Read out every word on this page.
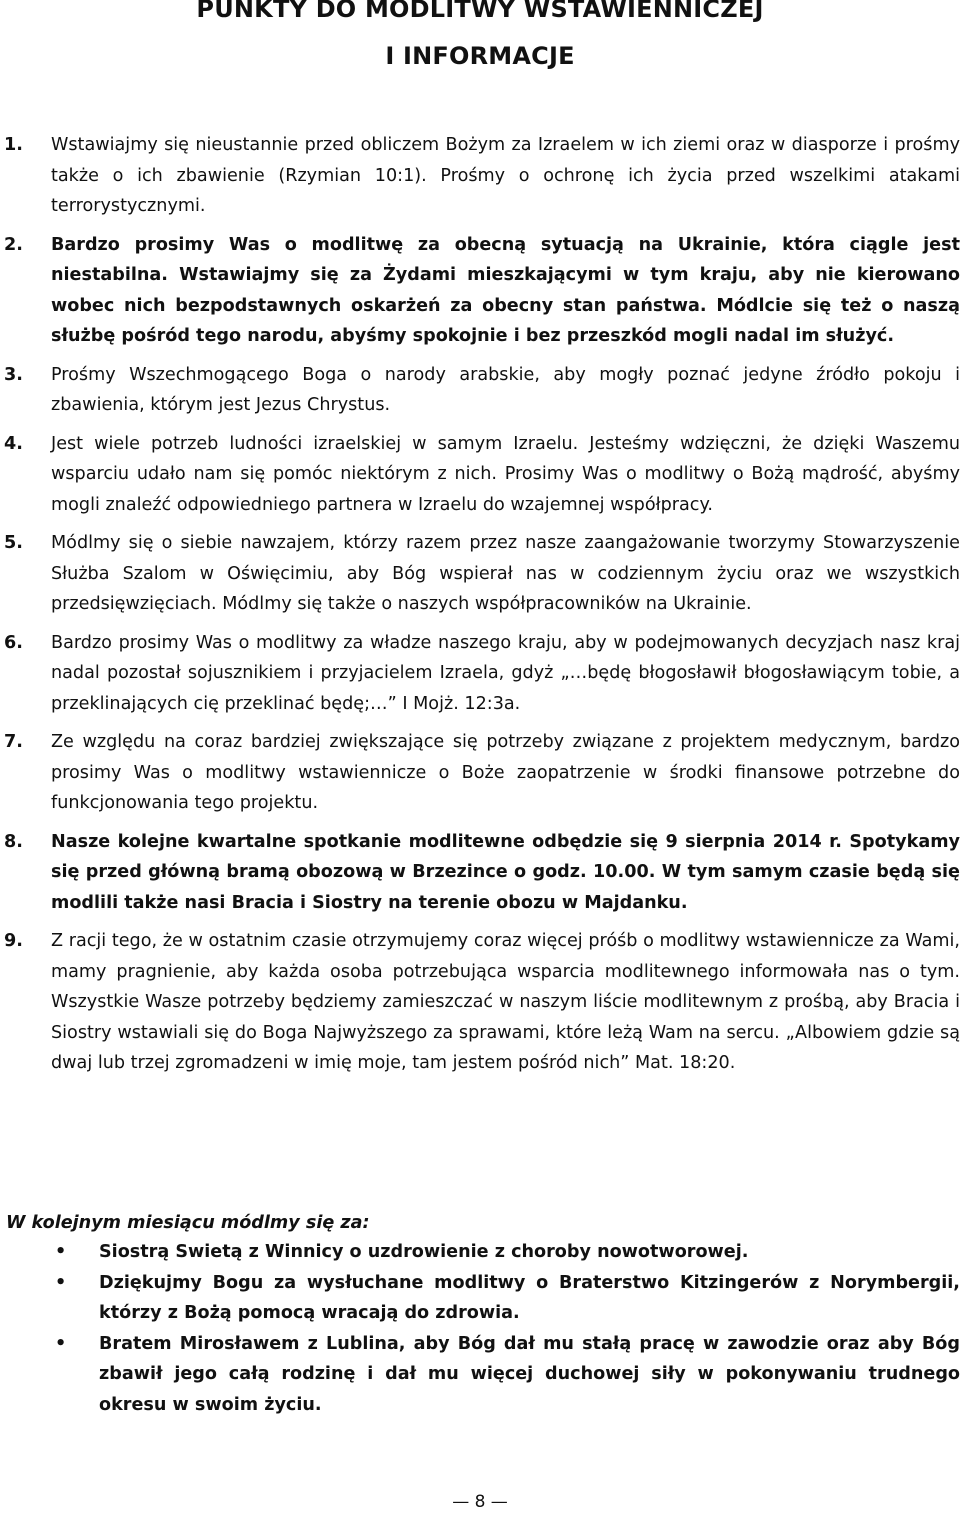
PUNKTY DO MODLITWY WSTAWIENNICZEJ
I INFORMACJE
1. Wstawiajmy się nieustannie przed obliczem Bożym za Izraelem w ich ziemi oraz w diasporze i prośmy także o ich zbawienie (Rzymian 10:1). Prośmy o ochronę ich życia przed wszelkimi atakami terrorystycznymi.
2. Bardzo prosimy Was o modlitwę za obecną sytuacją na Ukrainie, która ciągle jest niestabilna. Wstawiajmy się za Żydami mieszkającymi w tym kraju, aby nie kierowano wobec nich bezpodstawnych oskarżeń za obecny stan państwa. Módlcie się też o naszą służbę pośród tego narodu, abyśmy spokojnie i bez przeszkód mogli nadal im służyć.
3. Prośmy Wszechmogącego Boga o narody arabskie, aby mogły poznać jedyne źródło pokoju i zbawienia, którym jest Jezus Chrystus.
4. Jest wiele potrzeb ludności izraelskiej w samym Izraelu. Jesteśmy wdzięczni, że dzięki Waszemu wsparciu udało nam się pomóc niektórym z nich. Prosimy Was o modlitwy o Bożą mądrość, abyśmy mogli znaleźć odpowiedniego partnera w Izraelu do wzajemnej współpracy.
5. Módlmy się o siebie nawzajem, którzy razem przez nasze zaangażowanie tworzymy Stowarzyszenie Służba Szalom w Oświęcimiu, aby Bóg wspierał nas w codziennym życiu oraz we wszystkich przedsięwzięciach. Módlmy się także o naszych współpracowników na Ukrainie.
6. Bardzo prosimy Was o modlitwy za władze naszego kraju, aby w podejmowanych decyzjach nasz kraj nadal pozostał sojusznikiem i przyjacielem Izraela, gdyż „…będę błogosławił błogosławiącym tobie, a przeklinających cię przeklinać będę;…” I Mojż. 12:3a.
7. Ze względu na coraz bardziej zwiększające się potrzeby związane z projektem medycznym, bardzo prosimy Was o modlitwy wstawiennicze o Boże zaopatrzenie w środki finansowe potrzebne do funkcjonowania tego projektu.
8. Nasze kolejne kwartalne spotkanie modlitewne odbędzie się 9 sierpnia 2014 r. Spotykamy się przed główną bramą obozową w Brzezince o godz. 10.00. W tym samym czasie będą się modlili także nasi Bracia i Siostry na terenie obozu w Majdanku.
9. Z racji tego, że w ostatnim czasie otrzymujemy coraz więcej próśb o modlitwy wstawiennicze za Wami, mamy pragnienie, aby każda osoba potrzebująca wsparcia modlitewnego informowała nas o tym. Wszystkie Wasze potrzeby będziemy zamieszczać w naszym liście modlitewnym z prośbą, aby Bracia i Siostry wstawiali się do Boga Najwyższego za sprawami, które leżą Wam na sercu. „Albowiem gdzie są dwaj lub trzej zgromadzeni w imię moje, tam jestem pośród nich” Mat. 18:20.

W kolejnym miesiącu módlmy się za:

• Siostrą Swietą z Winnicy o uzdrowienie z choroby nowotworowej.
• Dziękujmy Bogu za wysłuchane modlitwy o Braterstwo Kitzingerów z Norymbergii, którzy z Bożą pomocą wracają do zdrowia.
• Bratem Mirosławem z Lublina, aby Bóg dał mu stałą pracę w zawodzie oraz aby Bóg zbawił jego całą rodzinę i dał mu więcej duchowej siły w pokonywaniu trudnego okresu w swoim życiu.
— 8 —
